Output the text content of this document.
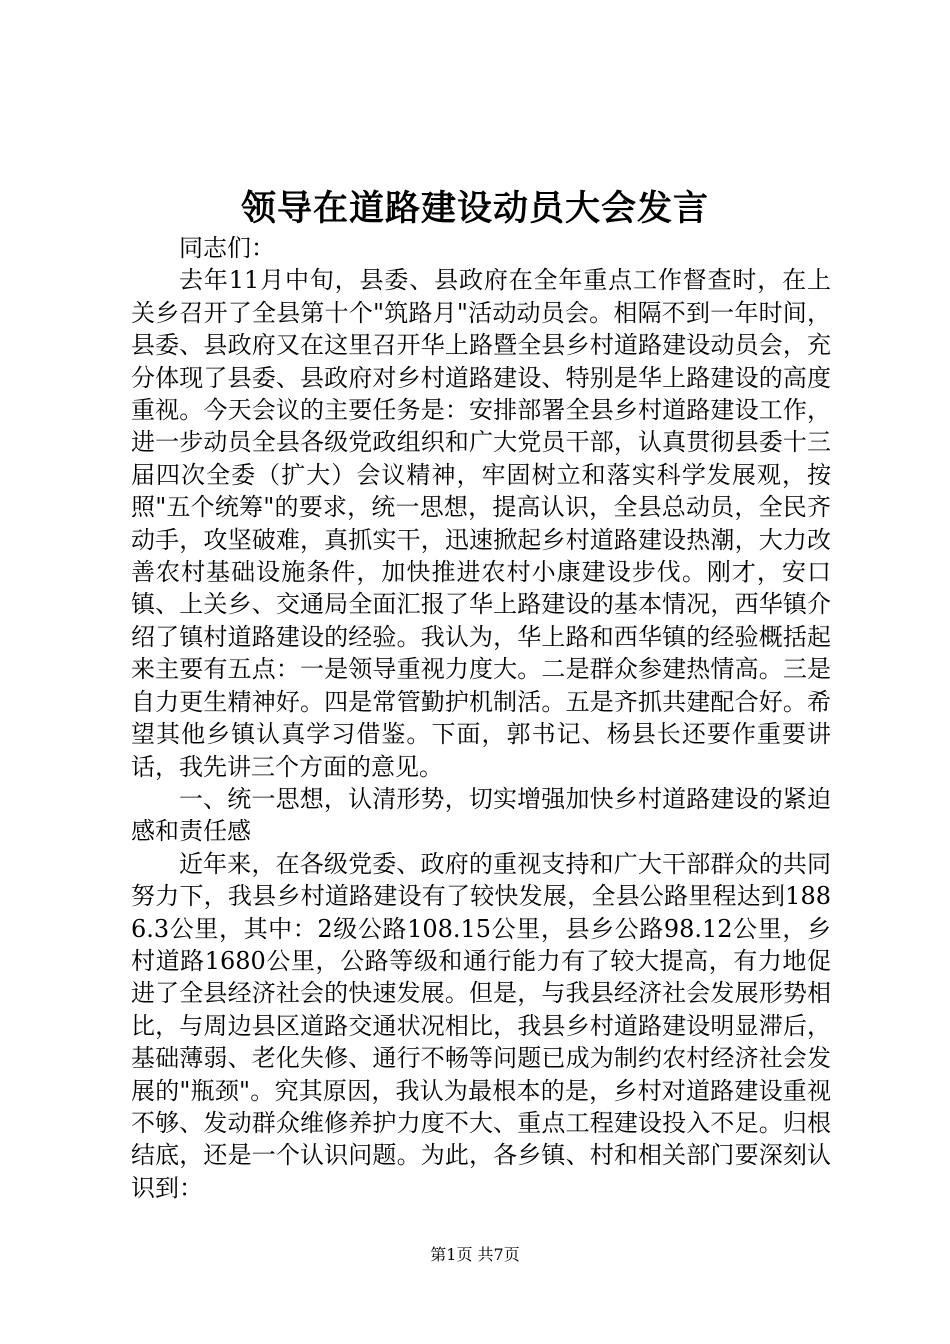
领导在道路建设动员大会发言

同志们：

去年11月中旬，县委、县政府在全年重点工作督查时，在上关乡召开了全县第十个"筑路月"活动动员会。相隔不到一年时间，县委、县政府又在这里召开华上路暨全县乡村道路建设动员会，充分体现了县委、县政府对乡村道路建设、特别是华上路建设的高度重视。今天会议的主要任务是：安排部署全县乡村道路建设工作，进一步动员全县各级党政组织和广大党员干部，认真贯彻县委十三届四次全委（扩大）会议精神，牢固树立和落实科学发展观，按照"五个统筹"的要求，统一思想，提高认识，全县总动员，全民齐动手，攻坚破难，真抓实干，迅速掀起乡村道路建设热潮，大力改善农村基础设施条件，加快推进农村小康建设步伐。刚才，安口镇、上关乡、交通局全面汇报了华上路建设的基本情况，西华镇介绍了镇村道路建设的经验。我认为，华上路和西华镇的经验概括起来主要有五点：一是领导重视力度大。二是群众参建热情高。三是自力更生精神好。四是常管勤护机制活。五是齐抓共建配合好。希望其他乡镇认真学习借鉴。下面，郭书记、杨县长还要作重要讲话，我先讲三个方面的意见。

一、统一思想，认清形势，切实增强加快乡村道路建设的紧迫感和责任感

近年来，在各级党委、政府的重视支持和广大干部群众的共同努力下，我县乡村道路建设有了较快发展，全县公路里程达到1886.3公里，其中：2级公路108.15公里，县乡公路98.12公里，乡村道路1680公里，公路等级和通行能力有了较大提高，有力地促进了全县经济社会的快速发展。但是，与我县经济社会发展形势相比，与周边县区道路交通状况相比，我县乡村道路建设明显滞后，基础薄弱、老化失修、通行不畅等问题已成为制约农村经济社会发展的"瓶颈"。究其原因，我认为最根本的是，乡村对道路建设重视不够、发动群众维修养护力度不大、重点工程建设投入不足。归根结底，还是一个认识问题。为此，各乡镇、村和相关部门要深刻认识到：

第1页 共7页
